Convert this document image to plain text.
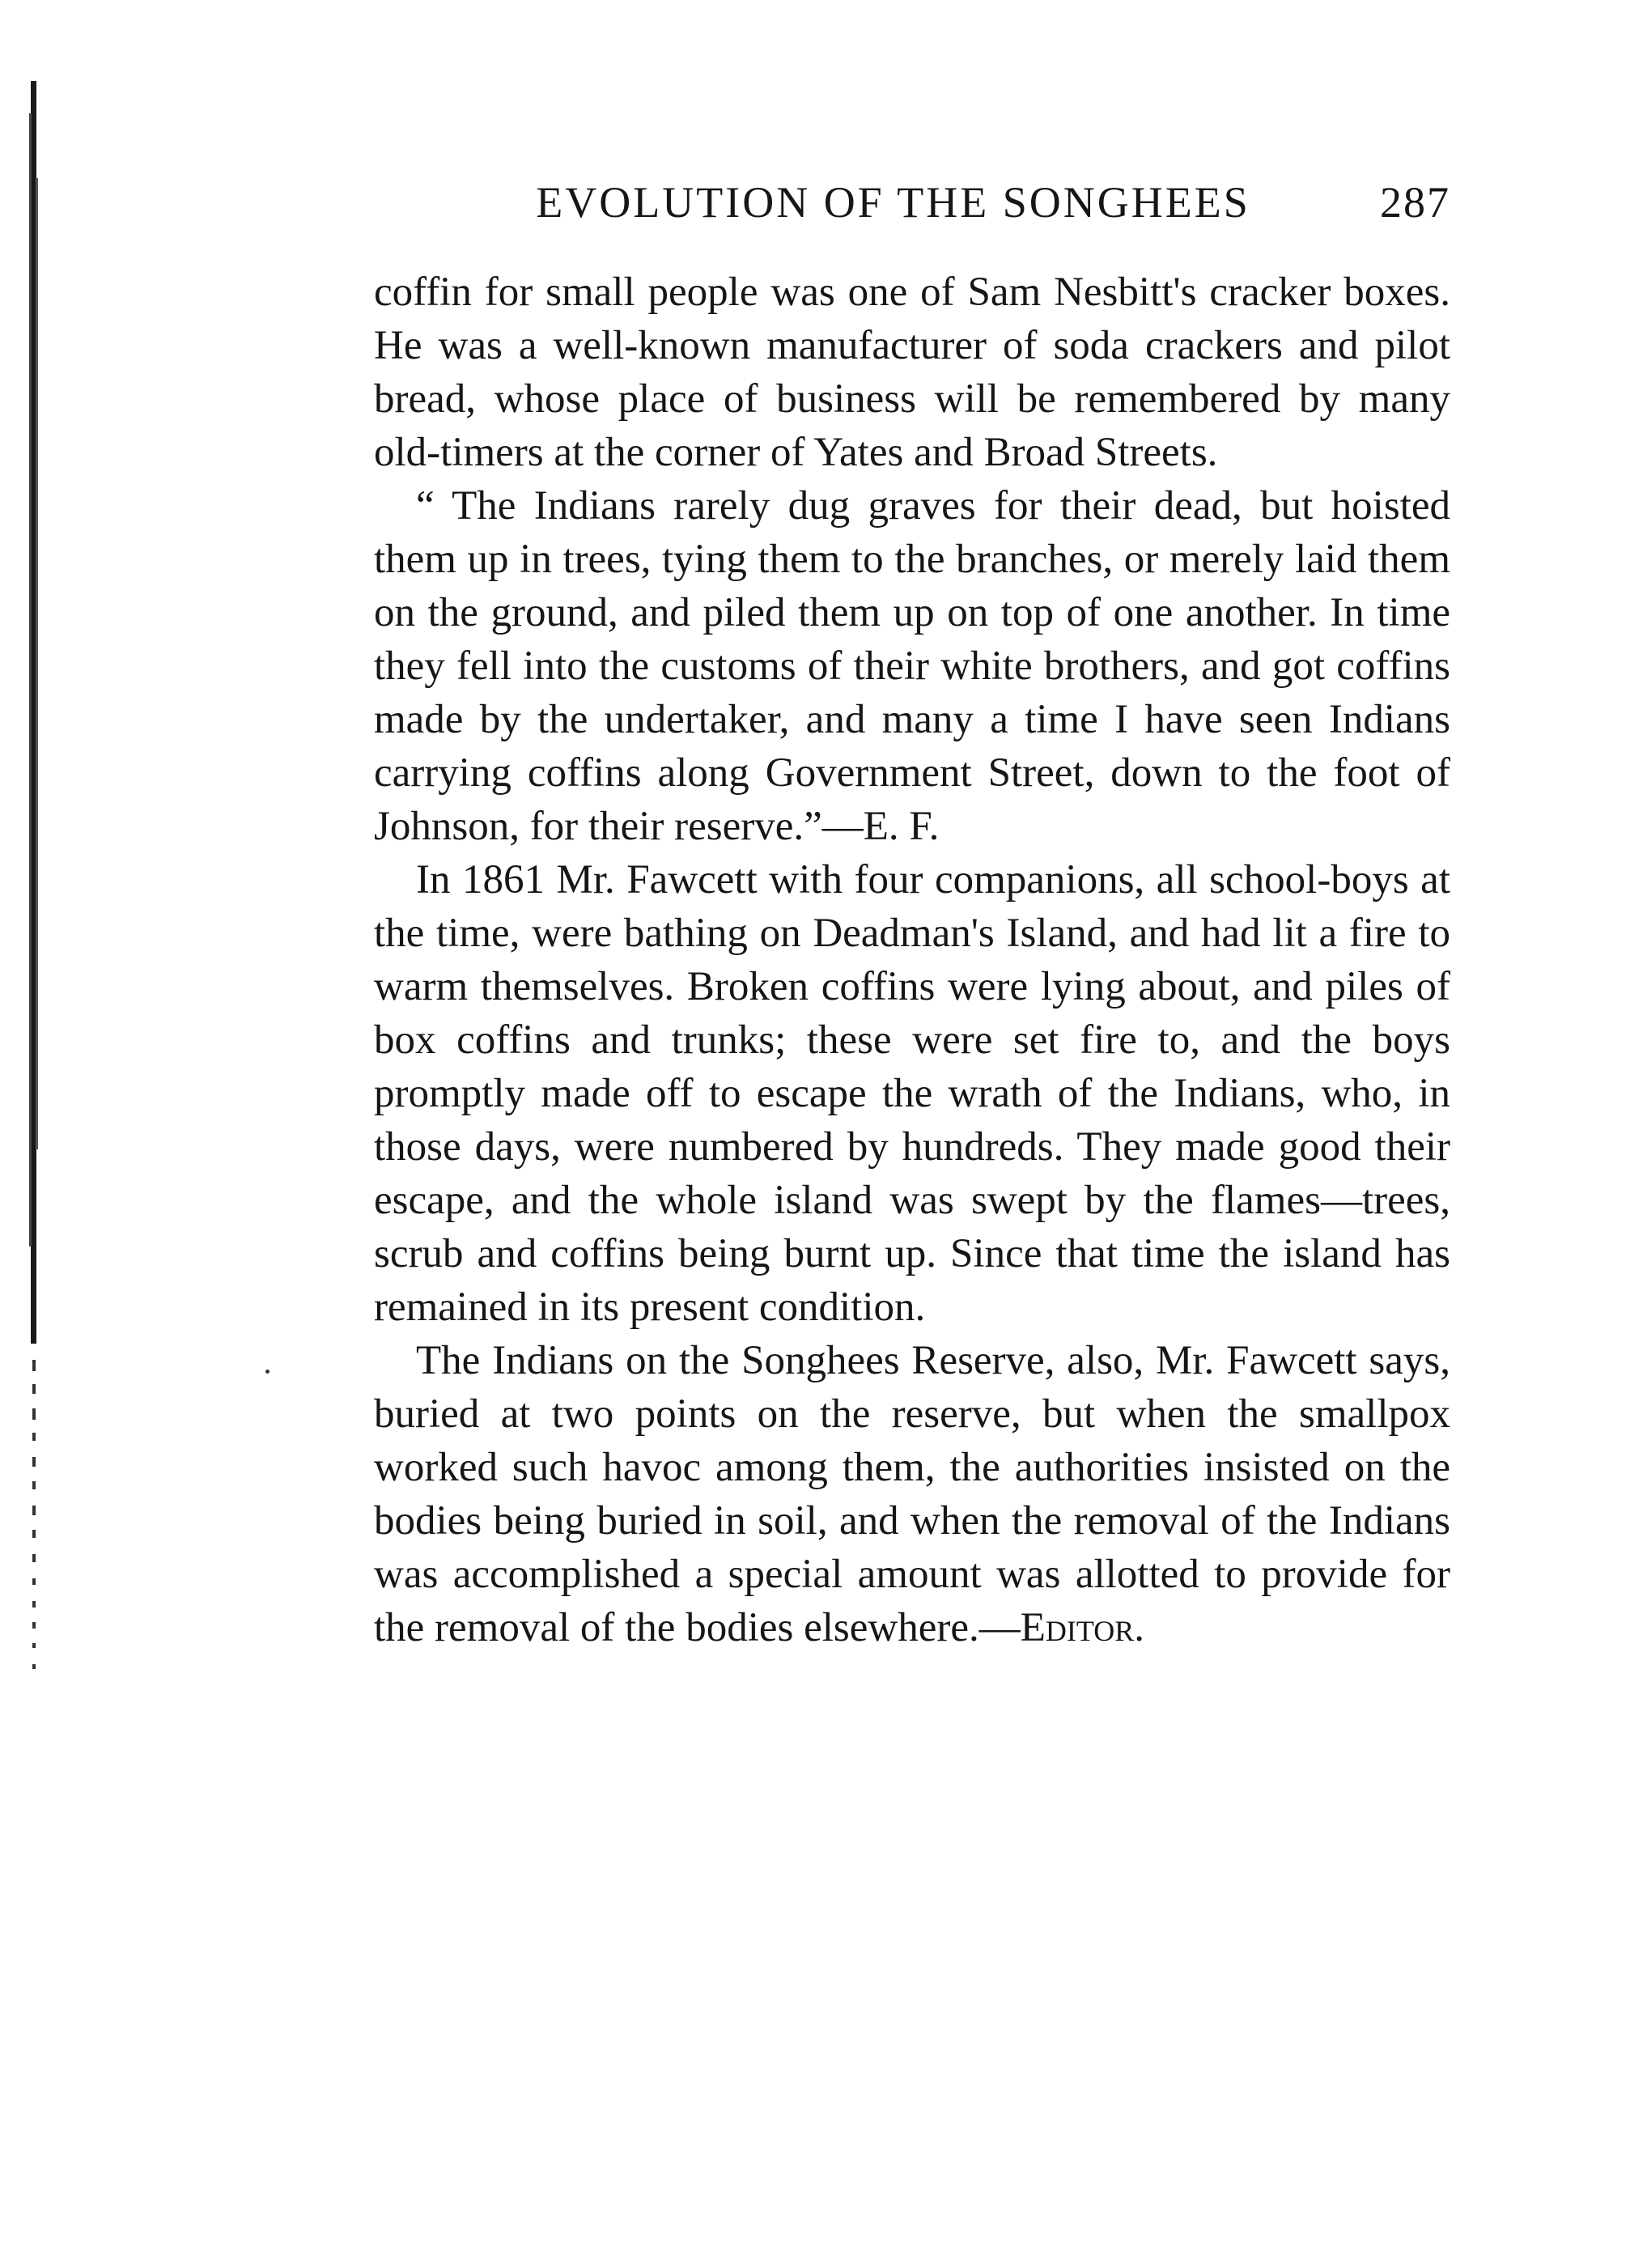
EVOLUTION OF THE SONGHEES	287

coffin for small people was one of Sam Nesbitt's cracker boxes. He was a well-known manufacturer of soda crackers and pilot bread, whose place of business will be remembered by many old-timers at the corner of Yates and Broad Streets.

“ The Indians rarely dug graves for their dead, but hoisted them up in trees, tying them to the branches, or merely laid them on the ground, and piled them up on top of one another. In time they fell into the customs of their white brothers, and got coffins made by the undertaker, and many a time I have seen Indians carrying coffins along Government Street, down to the foot of Johnson, for their reserve.”—E. F.

In 1861 Mr. Fawcett with four companions, all school-boys at the time, were bathing on Deadman's Island, and had lit a fire to warm themselves. Broken coffins were lying about, and piles of box coffins and trunks; these were set fire to, and the boys promptly made off to escape the wrath of the Indians, who, in those days, were numbered by hundreds. They made good their escape, and the whole island was swept by the flames—trees, scrub and coffins being burnt up. Since that time the island has remained in its present condition.

The Indians on the Songhees Reserve, also, Mr. Fawcett says, buried at two points on the reserve, but when the smallpox worked such havoc among them, the authorities insisted on the bodies being buried in soil, and when the removal of the Indians was accomplished a special amount was allotted to provide for the removal of the bodies elsewhere.—Editor.
